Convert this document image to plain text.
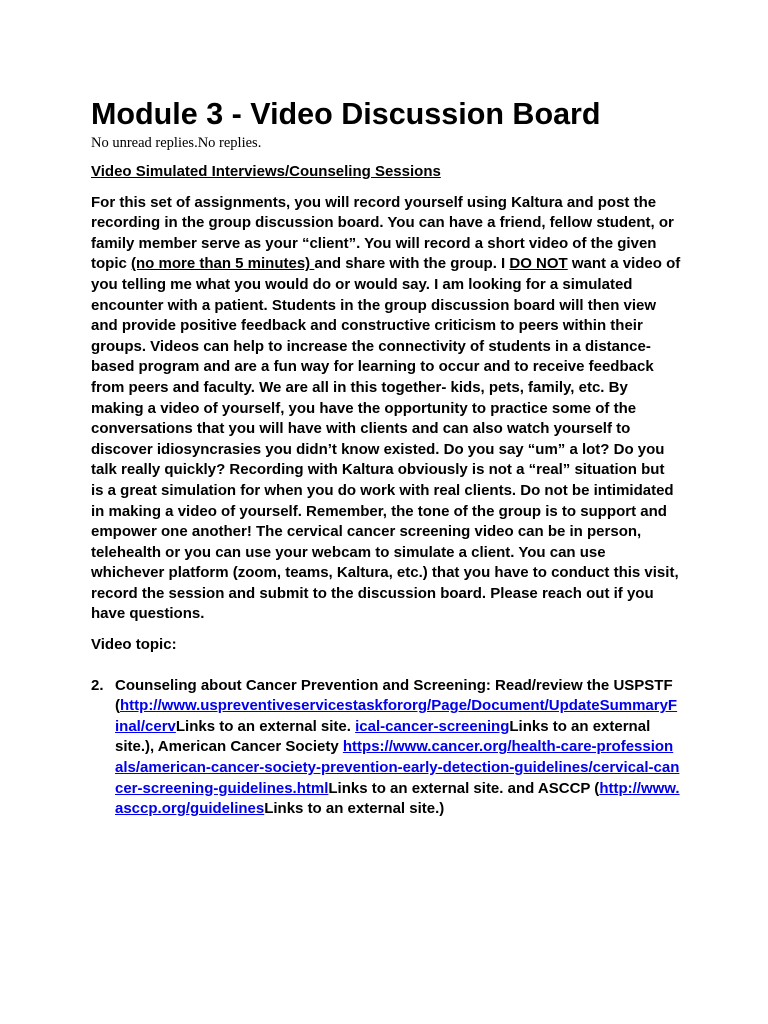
Module 3 - Video Discussion Board

No unread replies.No replies.

Video Simulated Interviews/Counseling Sessions

For this set of assignments, you will record yourself using Kaltura and post the recording in the group discussion board. You can have a friend, fellow student, or family member serve as your “client”. You will record a short video of the given topic (no more than 5 minutes) and share with the group. I DO NOT want a video of you telling me what you would do or would say. I am looking for a simulated encounter with a patient. Students in the group discussion board will then view and provide positive feedback and constructive criticism to peers within their groups. Videos can help to increase the connectivity of students in a distance-based program and are a fun way for learning to occur and to receive feedback from peers and faculty. We are all in this together- kids, pets, family, etc. By making a video of yourself, you have the opportunity to practice some of the conversations that you will have with clients and can also watch yourself to discover idiosyncrasies you didn’t know existed. Do you say “um” a lot? Do you talk really quickly? Recording with Kaltura obviously is not a “real” situation but is a great simulation for when you do work with real clients. Do not be intimidated in making a video of yourself. Remember, the tone of the group is to support and empower one another! The cervical cancer screening video can be in person, telehealth or you can use your webcam to simulate a client. You can use whichever platform (zoom, teams, Kaltura, etc.) that you have to conduct this visit, record the session and submit to the discussion board. Please reach out if you have questions.

Video topic:

2. Counseling about Cancer Prevention and Screening: Read/review the USPSTF (http://www.uspreventiveservicestaskfororg/Page/Document/UpdateSummaryFinal/cervLinks to an external site. ical-cancer-screeningLinks to an external site.), American Cancer Society https://www.cancer.org/health-care-professionals/american-cancer-society-prevention-early-detection-guidelines/cervical-cancer-screening-guidelines.htmlLinks to an external site. and ASCCP (http://www.asccp.org/guidelinesLinks to an external site.)
